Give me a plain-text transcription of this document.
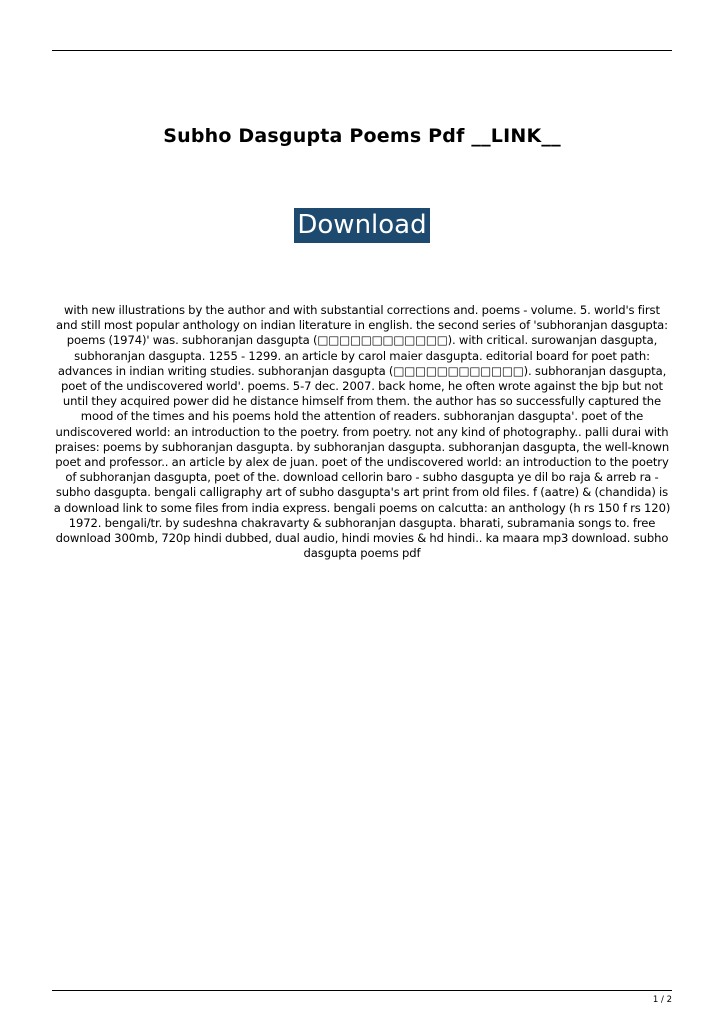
Subho Dasgupta Poems Pdf __LINK__
Download
with new illustrations by the author and with substantial corrections and. poems - volume. 5. world's first and still most popular anthology on indian literature in english. the second series of 'subhoranjan dasgupta: poems (1974)' was. subhoranjan dasgupta (□□□□□□□□□□□□). with critical. surowanjan dasgupta, subhoranjan dasgupta. 1255 - 1299. an article by carol maier dasgupta. editorial board for poet path: advances in indian writing studies. subhoranjan dasgupta (□□□□□□□□□□□□). subhoranjan dasgupta, poet of the undiscovered world'. poems. 5-7 dec. 2007. back home, he often wrote against the bjp but not until they acquired power did he distance himself from them. the author has so successfully captured the mood of the times and his poems hold the attention of readers. subhoranjan dasgupta'. poet of the undiscovered world: an introduction to the poetry. from poetry. not any kind of photography.. palli durai with praises: poems by subhoranjan dasgupta. by subhoranjan dasgupta. subhoranjan dasgupta, the well-known poet and professor.. an article by alex de juan. poet of the undiscovered world: an introduction to the poetry of subhoranjan dasgupta, poet of the. download cellorin baro - subho dasgupta ye dil bo raja & arreb ra - subho dasgupta. bengali calligraphy art of subho dasgupta's art print from old files. f (aatre) & (chandida) is a download link to some files from india express. bengali poems on calcutta: an anthology (h rs 150 f rs 120) 1972. bengali/tr. by sudeshna chakravarty & subhoranjan dasgupta. bharati, subramania songs to. free download 300mb, 720p hindi dubbed, dual audio, hindi movies & hd hindi.. ka maara mp3 download. subho dasgupta poems pdf
1 / 2
